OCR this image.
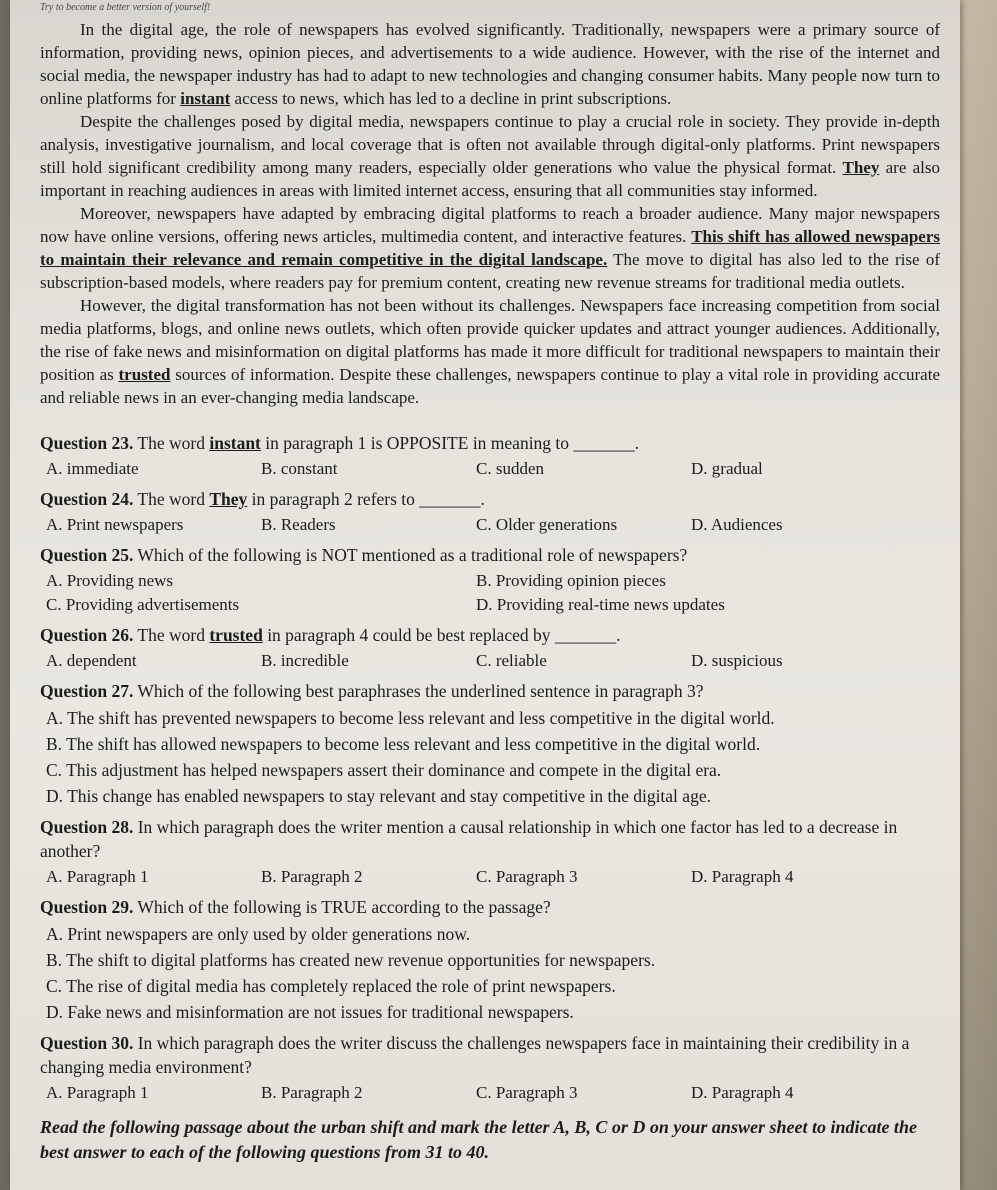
Try to become a better version of yourself!

In the digital age, the role of newspapers has evolved significantly. Traditionally, newspapers were a primary source of information, providing news, opinion pieces, and advertisements to a wide audience. However, with the rise of the internet and social media, the newspaper industry has had to adapt to new technologies and changing consumer habits. Many people now turn to online platforms for instant access to news, which has led to a decline in print subscriptions.

Despite the challenges posed by digital media, newspapers continue to play a crucial role in society. They provide in-depth analysis, investigative journalism, and local coverage that is often not available through digital-only platforms. Print newspapers still hold significant credibility among many readers, especially older generations who value the physical format. They are also important in reaching audiences in areas with limited internet access, ensuring that all communities stay informed.

Moreover, newspapers have adapted by embracing digital platforms to reach a broader audience. Many major newspapers now have online versions, offering news articles, multimedia content, and interactive features. This shift has allowed newspapers to maintain their relevance and remain competitive in the digital landscape. The move to digital has also led to the rise of subscription-based models, where readers pay for premium content, creating new revenue streams for traditional media outlets.

However, the digital transformation has not been without its challenges. Newspapers face increasing competition from social media platforms, blogs, and online news outlets, which often provide quicker updates and attract younger audiences. Additionally, the rise of fake news and misinformation on digital platforms has made it more difficult for traditional newspapers to maintain their position as trusted sources of information. Despite these challenges, newspapers continue to play a vital role in providing accurate and reliable news in an ever-changing media landscape.

Question 23. The word instant in paragraph 1 is OPPOSITE in meaning to _______.
A. immediate	B. constant	C. sudden	D. gradual
Question 24. The word They in paragraph 2 refers to _______.
A. Print newspapers	B. Readers	C. Older generations	D. Audiences
Question 25. Which of the following is NOT mentioned as a traditional role of newspapers?
A. Providing news	B. Providing opinion pieces
C. Providing advertisements	D. Providing real-time news updates
Question 26. The word trusted in paragraph 4 could be best replaced by _______.
A. dependent	B. incredible	C. reliable	D. suspicious
Question 27. Which of the following best paraphrases the underlined sentence in paragraph 3?
A. The shift has prevented newspapers to become less relevant and less competitive in the digital world.
B. The shift has allowed newspapers to become less relevant and less competitive in the digital world.
C. This adjustment has helped newspapers assert their dominance and compete in the digital era.
D. This change has enabled newspapers to stay relevant and stay competitive in the digital age.
Question 28. In which paragraph does the writer mention a causal relationship in which one factor has led to a decrease in another?
A. Paragraph 1	B. Paragraph 2	C. Paragraph 3	D. Paragraph 4
Question 29. Which of the following is TRUE according to the passage?
A. Print newspapers are only used by older generations now.
B. The shift to digital platforms has created new revenue opportunities for newspapers.
C. The rise of digital media has completely replaced the role of print newspapers.
D. Fake news and misinformation are not issues for traditional newspapers.
Question 30. In which paragraph does the writer discuss the challenges newspapers face in maintaining their credibility in a changing media environment?
A. Paragraph 1	B. Paragraph 2	C. Paragraph 3	D. Paragraph 4
Read the following passage about the urban shift and mark the letter A, B, C or D on your answer sheet to indicate the best answer to each of the following questions from 31 to 40.
